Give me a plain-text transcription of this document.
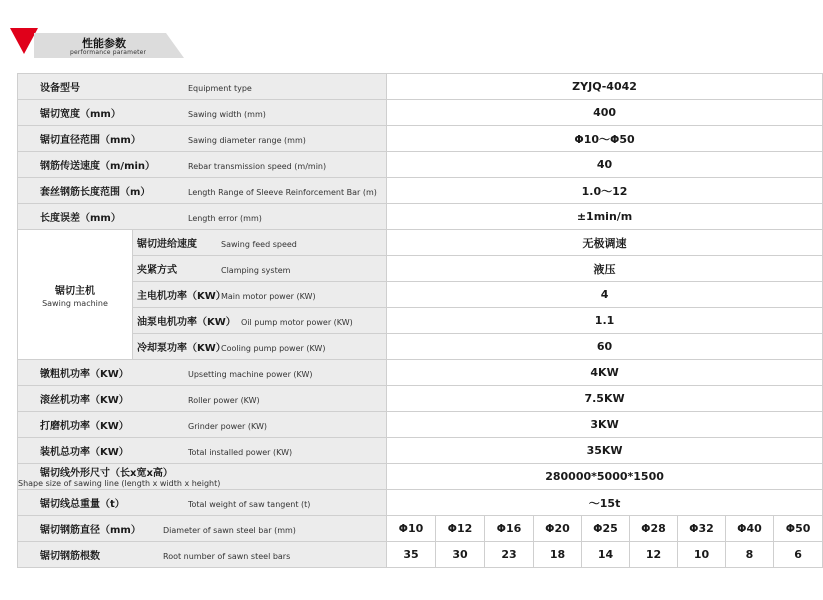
性能参数
performance parameter
设备型号 Equipment type		ZYJQ-4042								
锯切宽度（mm） Sawing width (mm)		400								
锯切直径范围（mm） Sawing diameter range (mm)		Φ10～Φ50								
钢筋传送速度（m/min） Rebar transmission speed (m/min)		40								
套丝钢筋长度范围（m） Length Range of Sleeve Reinforcement Bar (m)		1.0～12								
长度误差（mm） Length error (mm)		±1min/m								

锯切主机
Sawing machine	锯切进给速度 Sawing feed speed	无极调速								
	夹紧方式 Clamping system	液压								
	主电机功率（KW）Main motor power (KW)	4								
	油泵电机功率（KW） Oil pump motor power (KW)	1.1								
	冷却泵功率（KW）Cooling pump power (KW)	60								
镦粗机功率（KW） Upsetting machine power (KW)		4KW								
滚丝机功率（KW） Roller power (KW)		7.5KW								
打磨机功率（KW） Grinder power (KW)		3KW								
装机总功率（KW） Total installed power (KW)		35KW								
锯切线外形尺寸（长x宽x高）Shape size of sawing line (length x width x height)		280000*5000*1500								
锯切线总重量（t） Total weight of saw tangent (t)		～15t								
锯切钢筋直径（mm） Diameter of sawn steel bar (mm)		Φ10	Φ12	Φ16	Φ20	Φ25	Φ28	Φ32	Φ40	Φ50
锯切钢筋根数 Root number of sawn steel bars		35	30	23	18	14	12	10	8	6
